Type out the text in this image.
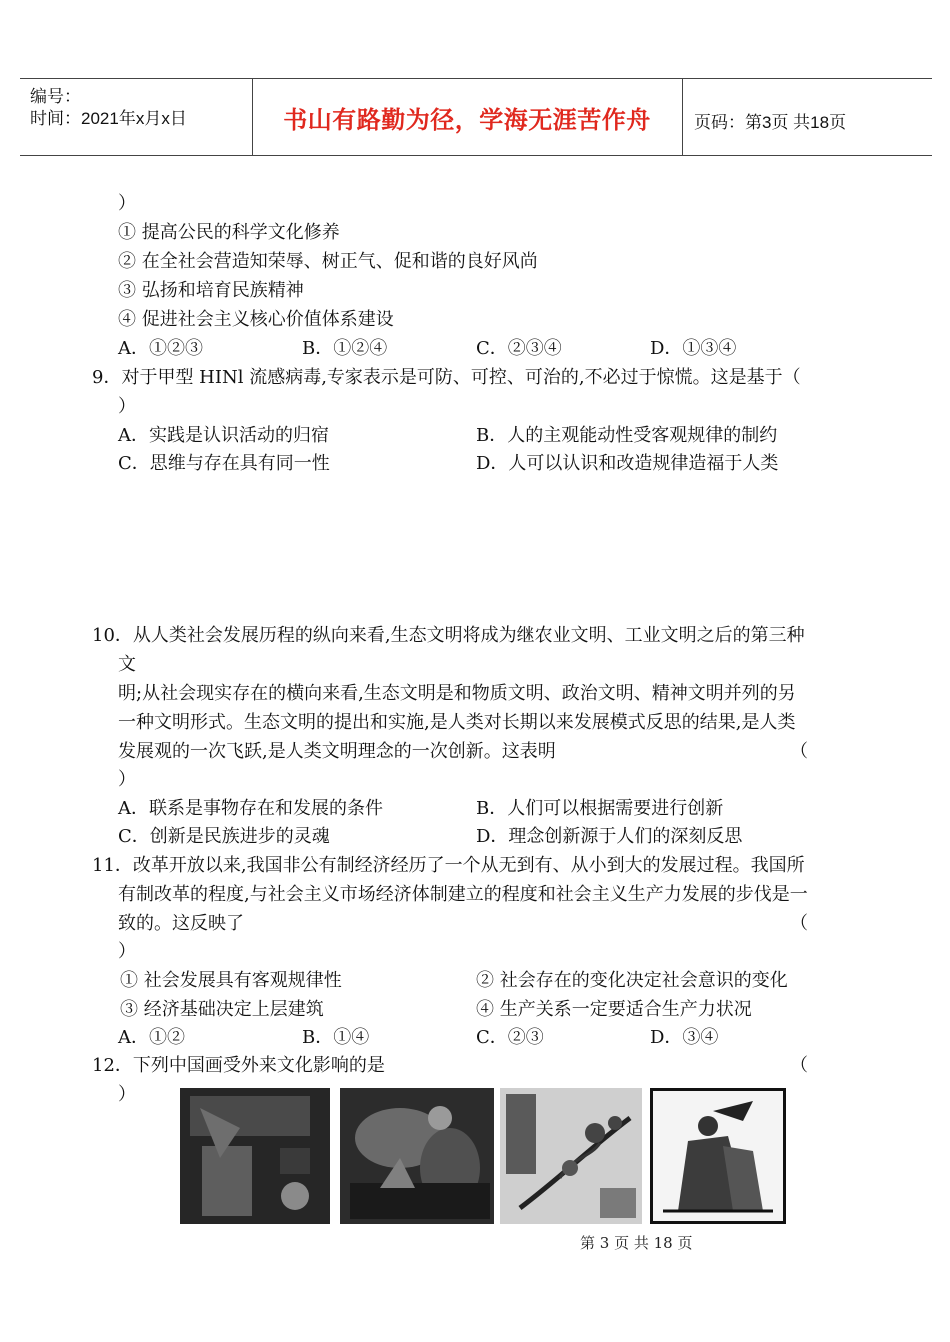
编号：
时间：2021年x月x日	书山有路勤为径，学海无涯苦作舟	页码：第3页 共18页
）
① 提高公民的科学文化修养
② 在全社会营造知荣辱、树正气、促和谐的良好风尚
③ 弘扬和培育民族精神
④ 促进社会主义核心价值体系建设
A．①②③	B．①②④	C．②③④	D．①③④
9．对于甲型 HINl 流感病毒,专家表示是可防、可控、可治的,不必过于惊慌。这是基于（
）
A．实践是认识活动的归宿	B．人的主观能动性受客观规律的制约
C．思维与存在具有同一性	D．人可以认识和改造规律造福于人类
10．从人类社会发展历程的纵向来看,生态文明将成为继农业文明、工业文明之后的第三种
文
明;从社会现实存在的横向来看,生态文明是和物质文明、政治文明、精神文明并列的另
一种文明形式。生态文明的提出和实施,是人类对长期以来发展模式反思的结果,是人类
发展观的一次飞跃,是人类文明理念的一次创新。这表明	（
）
A．联系是事物存在和发展的条件	B．人们可以根据需要进行创新
C．创新是民族进步的灵魂	D．理念创新源于人们的深刻反思
11．改革开放以来,我国非公有制经济经历了一个从无到有、从小到大的发展过程。我国所
有制改革的程度,与社会主义市场经济体制建立的程度和社会主义生产力发展的步伐是一
致的。这反映了	（
）
① 社会发展具有客观规律性	② 社会存在的变化决定社会意识的变化
③ 经济基础决定上层建筑	④ 生产关系一定要适合生产力状况
A．①②	B．①④	C．②③	D．③④
12．下列中国画受外来文化影响的是	（
）
第 3 页 共 18 页
